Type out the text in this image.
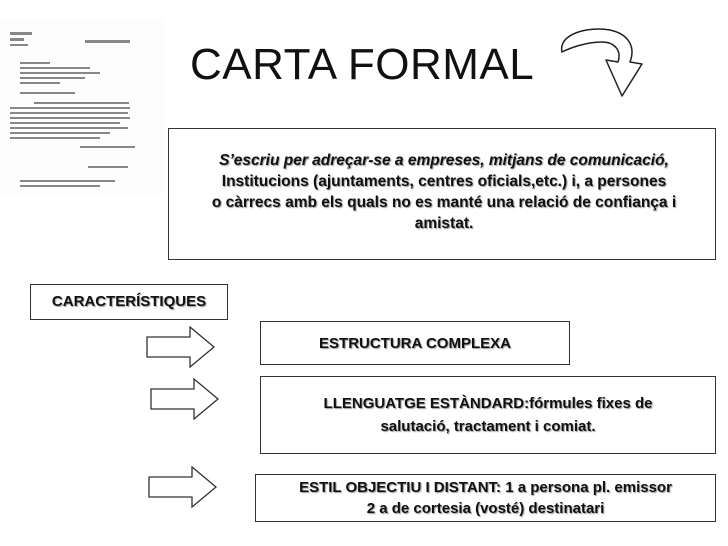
CARTA FORMAL
S’escriu per adreçar-se a empreses, mitjans de comunicació,
Institucions (ajuntaments, centres oficials,etc.) i, a persones
o càrrecs amb els quals no es manté una relació de confiança i
amistat.
CARACTERÍSTIQUES
ESTRUCTURA COMPLEXA
LLENGUATGE ESTÀNDARD:fórmules fixes de
salutació, tractament i comiat.
ESTIL OBJECTIU I DISTANT: 1 a persona pl. emissor
2 a de cortesia (vosté) destinatari
